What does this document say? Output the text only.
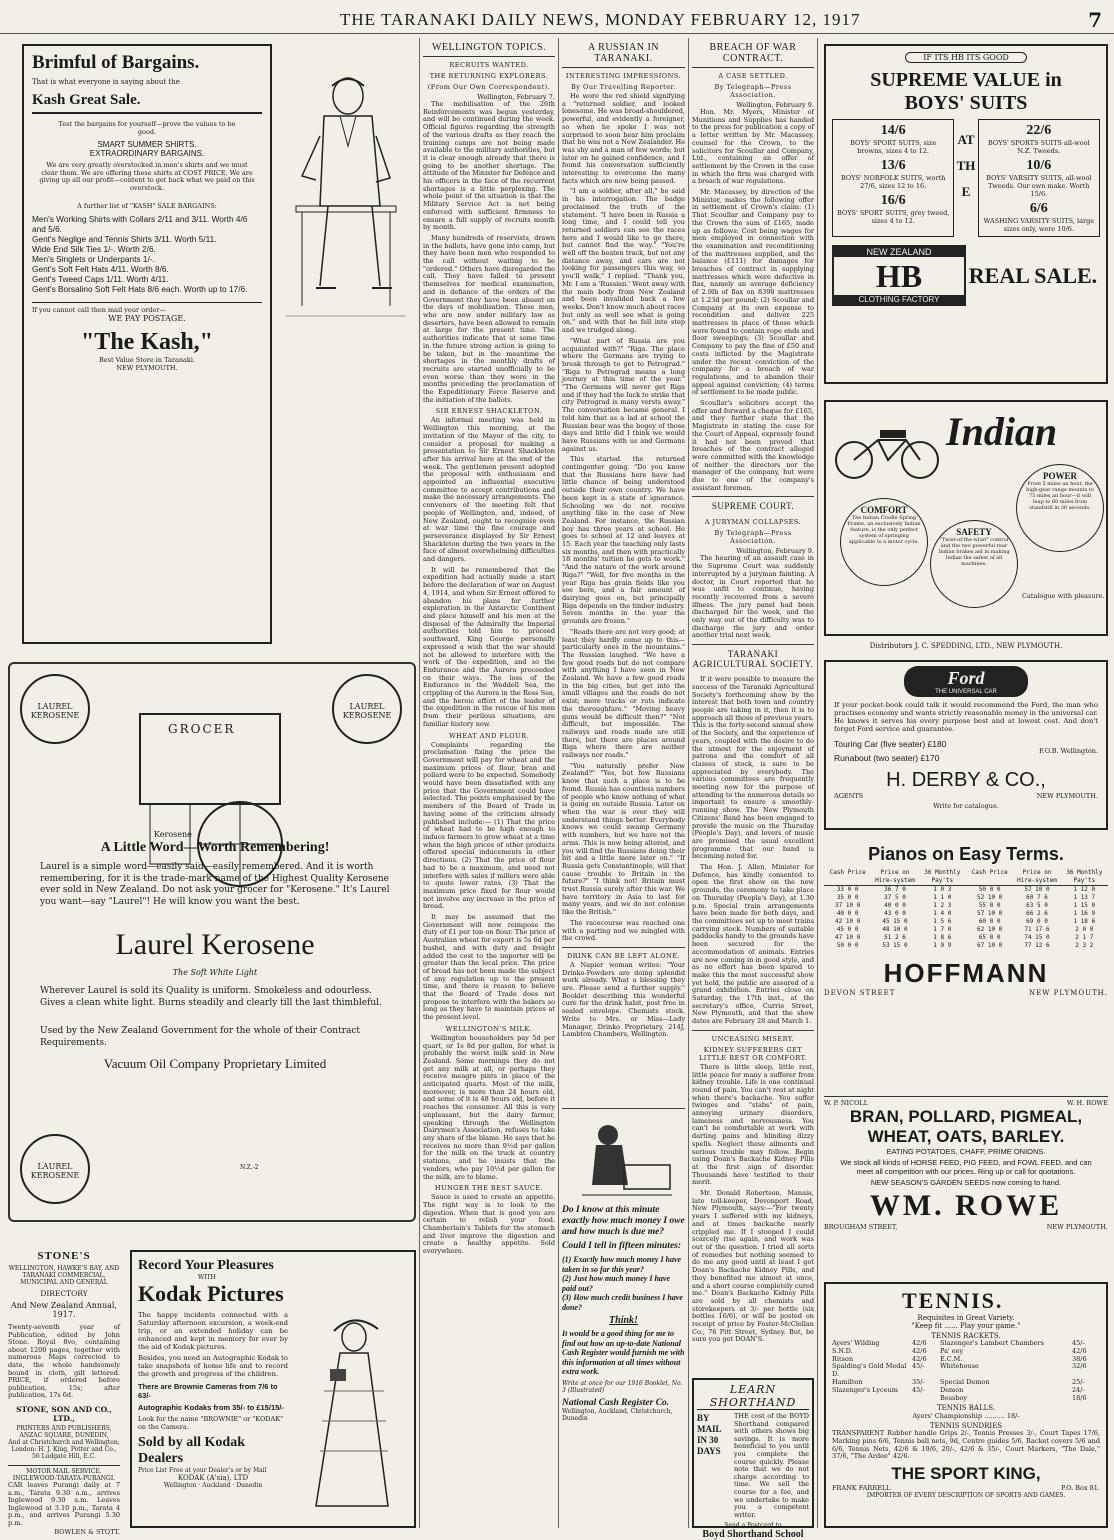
THE TARANAKI DAILY NEWS, MONDAY FEBRUARY 12, 1917	7
Brimful of Bargains.
That is what everyone is saying about the
Kash Great Sale.
Test the bargains for yourself—prove the values to be good.
SMART SUMMER SHIRTS.
EXTRAORDINARY BARGAINS.
We are very greatly overstocked in men's shirts and we must clear them. We are offering these shirts at COST PRICE. We are giving up all our profit—content to get back what we paid on this overstock.
A further list of "KASH" SALE BARGAINS:
Men's Working Shirts with Collars 2/11 and 3/11. Worth 4/6 and 5/6.
Gent's Neglige and Tennis Shirts 3/11. Worth 5/11.
Wide End Silk Ties 1/-. Worth 2/6.
Men's Singlets or Underpants 1/-.
Gent's Soft Felt Hats 4/11. Worth 8/6.
Gent's Tweed Caps 1/11. Worth 4/11.
Gent's Borsalino Soft Felt Hats 8/6 each. Worth up to 17/6.
If you cannot call then mail your order—
WE PAY POSTAGE.
"The Kash,"
Best Value Store in Taranaki.
NEW PLYMOUTH.
LAUREL KEROSENE
LAUREL KEROSENE
GROCER
Kerosene
A Little Word—Worth Remembering!
Laurel is a simple word—easily said—easily remembered. And it is worth remembering, for it is the trade-mark name of the Highest Quality Kerosene ever sold in New Zealand. Do not ask your grocer for "Kerosene." It's Laurel you want—say "Laurel"! He will know you want the best.
Laurel Kerosene
The Soft White Light
Wherever Laurel is sold its Quality is uniform. Smokeless and odourless. Gives a clean white light. Burns steadily and clearly till the last thimbleful.
Used by the New Zealand Government for the whole of their Contract Requirements.
Vacuum Oil Company Proprietary Limited
LAUREL KEROSENE
N.Z.-2
STONE'S
WELLINGTON, HAWKE'S BAY, AND TARANAKI COMMERCIAL, MUNICIPAL AND GENERAL
DIRECTORY
And New Zealand Annual, 1917.
Twenty-seventh year of Publication, edited by John Stone. Royal 8vo, containing about 1200 pages, together with numerous Maps corrected to date, the whole handsomely bound in cloth, gilt lettered. PRICE, if ordered before publication, 15s; after publication, 17s 6d.
STONE, SON AND CO., LTD.,
PRINTERS AND PUBLISHERS, ANZAC SQUARE, DUNEDIN,
And at Christchurch and Wellington; London: H. J. King, Potter and Co., 56 Ludgate Hill, E.C.
MOTOR MAIL SERVICE.
INGLEWOOD-TARATA-PURANGI.
CAR leaves Purangi daily at 7 a.m., Tarata 9.30 a.m., arrives Inglewood 9.30 a.m. Leaves Inglewood at 3.10 p.m., Tarata 4 p.m., and arrives Purangi 5.30 p.m.
BOWLEN & STOTT.
Record Your Pleasures
WITH
Kodak Pictures
The happy incidents connected with a Saturday afternoon excursion, a week-end trip, or an extended holiday can be enhanced and kept in memory for ever by the aid of Kodak pictures.
Besides, you need an Autographic Kodak to take snapshots of home life and to record the growth and progress of the children.
There are Brownie Cameras from 7/6 to 63/-
Autographic Kodaks from 35/- to £15/15/-
Look for the name "BROWNIE" or "KODAK" on the Camera.
Sold by all Kodak Dealers
Price List Free at your Dealer's or by Mail
KODAK (A'sia), LTD
Wellington · Auckland · Dunedin
WELLINGTON TOPICS.
RECRUITS WANTED.
THE RETURNING EXPLORERS.
(From Our Own Correspondent).
Wellington, February 7.

The mobilisation of the 26th Reinforcements was begun yesterday, and will be continued during the week. Official figures regarding the strength of the various drafts as they reach the training camps are not being made available to the military authorities, but it is clear enough already that there is going to be another shortage. The attitude of the Minister for Defence and his officers in the face of the recurrent shortages is a little perplexing. The whole point of the situation is that the Military Service Act is not being enforced with sufficient firmness to ensure a full supply of recruits month by month.

Many hundreds of reservists, drawn in the ballots, have gone into camp, but they have been men who responded to the call without waiting to be "ordered." Others have disregarded the call. They have failed to present themselves for medical examination, and in defiance of the orders of the Government they have been absent on the days of mobilisation. These men, who are now under military law as deserters, have been allowed to remain at large for the present time. The authorities indicate that at some time in the future strong action is going to be taken, but in the meantime the shortages in the monthly drafts of recruits are started unofficially to be even worse than they were in the months preceding the proclamation of the Expeditionary Force Reserve and the initiation of the ballots.

SIR ERNEST SHACKLETON.

An informal meeting was held in Wellington this morning, at the invitation of the Mayor of the city, to consider a proposal for making a presentation to Sir Ernest Shackleton after his arrival here at the end of the week. The gentlemen present adopted the proposal with enthusiasm and appointed an influential executive committee to accept contributions and make the necessary arrangements. The convenors of the meeting felt that people of Wellington, and, indeed, of New Zealand, ought to recognise even at war time the fine courage and perseverance displayed by Sir Ernest Shackleton during the two years in the face of almost overwhelming difficulties and dangers.

It will be remembered that the expedition had actually made a start before the declaration of war on August 4, 1914, and when Sir Ernest offered to abandon his plans for further exploration in the Antarctic Continent and place himself and his men at the disposal of the Admiralty the Imperial authorities told him to proceed southward. King George personally expressed a wish that the war should not be allowed to interfere with the work of the expedition, and so the Endurance and the Aurora proceeded on their ways. The loss of the Endurance in the Weddell Sea, the crippling of the Aurora in the Ross Sea, and the heroic effort of the leader of the expedition in the rescue of his men from their perilous situations, are familiar history now.

WHEAT AND FLOUR.

Complaints regarding the proclamation fixing the price the Government will pay for wheat and the maximum prices of flour, bran and pollard were to be expected. Somebody would have been dissatisfied with any price that the Government could have selected. The points emphasised by the members of the Board of Trade in having some of the criticism already published include:— (1) That the price of wheat had to be high enough to induce farmers to grow wheat at a time when the high prices of other products offered special inducements in other directions. (2) That the price of flour had to be a maximum, and need not interfere with sales if millers were able to quote lower rates. (3) That the maximum price fixed for flour would not involve any increase in the price of bread.

It may be assumed that the Government will now reimpose the duty of £1 per ton on flour. The price of Australian wheat for export is 5s 6d per bushel, and with duty and freight added the cost to the importer will be greater than the local price. The price of bread has not been made the subject of any regulation up to the present time, and there is reason to believe that the Board of Trade does not propose to interfere with the bakers so long as they have to maintain prices at the present level.

WELLINGTON'S MILK.

Wellington householders pay 5d per quart, or 1s 8d per gallon, for what is probably the worst milk sold in New Zealand. Some mornings they do not get any milk at all, or perhaps they receive meagre pints in place of the anticipated quarts. Most of the milk, moreover, is more than 24 hours old, and some of it is 48 hours old, before it reaches the consumer. All this is very unpleasant, but the dairy farmer, speaking through the Wellington Dairymen's Association, refuses to take any share of the blame. He says that he receives no more than 9½d per gallon for the milk on the truck at country stations, and he insists that the vendors, who pay 10½d per gallon for the milk, are to blame.

HUNGER THE BEST SAUCE.

Sauce is used to create an appetite. The right way is to look to the digestion. When that is good you are certain to relish your food. Chamberlain's Tablets for the stomach and liver improve the digestion and create a healthy appetite. Sold everywhere.

A RUSSIAN IN TARANAKI.
INTERESTING IMPRESSIONS.
By Our Travelling Reporter.

He wore the red shield signifying a "returned soldier, and looked lonesome. He was broad-shouldered, powerful, and evidently a foreigner, so when he spoke I was not surprised to soon hear him proclaim that he was not a New Zealander. He was shy and a man of few words; but later on he gained confidence, and I found his conversation sufficiently interesting to overcome the many facts which are now being passed.

"I am a soldier, after all," he said in his interrogation. The badge proclaimed the truth of the statement. "I have been in Russia a long time, and I could tell you returned soldiers can see the races here and I would like to go there, but cannot find the way." "You're well off the beaten track, but not any distance away, and cars are not looking for passengers this way, so you'll walk," I replied. "Thank you, Mr. I am a 'Russian.' Went away with the main body from New Zealand and been invalided back a few weeks. Don't know much about races but only as well see what is going on," and with that he fell into step and we trudged along.

"What part of Russia are you acquainted with?" "Riga. The place where the Germans are trying to break through to get to Petrograd." "Riga to Petrograd means a long journey at this time of the year." "The Germans will never get Riga and if they had the luck to strike that city Petrograd is many versts away." The conversation became general. I told him that as a lad at school the Russian bear was the bogey of those days and little did I think we would have Russians with us and Germans against us.

This started the returned contingenter going. "Do you know that the Russians here have had little chance of being understood outside their own country. We have been kept in a state of ignorance. Schooling we do not receive anything like in the case of New Zealand. For instance, the Russian boy has three years at school. He goes to school at 12 and leaves at 15. Each year the teaching only lasts six months, and then with practically 18 months' tuition he gets to work." "And the nature of the work around Riga?" "Well, for five months in the year Riga has grain fields like you see here, and a fair amount of dairying goes on, but principally Riga depends on the timber industry. Seven months in the year the grounds are frozen."

"Roads there are not very good; at least they hardly come up to this—particularly ones in the mountains." The Russian laughed. "We have a few good roads but do not compare with anything I have seen in New Zealand. We have a few good roads in the big cities, but get into the small villages and the roads do not exist; mere tracks or ruts indicate the thoroughfare." "Moving heavy guns would be difficult then?" "Not difficult, but impossible. The railways and roads made are still there, but there are places around Riga where there are neither railways nor roads."

"You naturally prefer New Zealand?" "Yes, but few Russians know that such a place is to be found. Russia has countless numbers of people who know nothing of what is going on outside Russia. Later on when the war is over they will understand things better. Everybody knows we could swamp Germany with numbers, but we have not the arms. This is now being altered, and you will find the Russians doing their bit and a little more later on." "If Russia gets Constantinople, will that cause trouble to Britain in the future?" "I think not! Britain must trust Russia surely after this war. We have territory in Asia to last for many years, and we do not colonise like the British."

The racecourse was reached one with a parting nod we mingled with the crowd.

DRINK CAN BE LEFT ALONE.

A Napier woman writes: "Your Drinko-Powders are doing splendid work already. What a blessing they are. Please send a further supply." Booklet describing this wonderful cure for the drink habit, post free in sealed envelope. Chemists stock. Write to Mrs. or Miss—Lady Manager, Drinko Proprietary, 214J, Lambton Chambers, Wellington.

Do I know at this minute exactly how much money I owe and how much is due me?
Could I tell in fifteen minutes:
(1) Exactly how much money I have taken in so far this year?
(2) Just how much money I have paid out?
(3) How much credit business I have done?
Think!
It would be a good thing for me to find out how an up-to-date National Cash Register would furnish me with this information at all times without extra work.
Write at once for our 1916 Booklet, No. 3 (Illustrated)
National Cash Register Co.
Wellington, Auckland, Christchurch, Dunedin
BREACH OF WAR CONTRACT.
A CASE SETTLED.
By Telegraph—Press Association.
Wellington, February 9.

Hon. Mr. Myers, Minister of Munitions and Supplies has handed to the press for publication a copy of a letter written by Mr. Macassey, counsel for the Crown, to the solicitors for Scoullar and Company, Ltd., containing an offer of settlement by the Crown in the case in which the firm was charged with a breach of war regulations.

Mr. Macassey, by direction of the Minister, makes the following offer in settlement of Crown's claim: (1) That Scoullar and Company pay to the Crown the sum of £165, made up as follows: Cost being wages for men employed in connection with the examination and reconditioning of the mattresses supplied, and the balance (£111) for damages for breaches of contract in supplying mattresses which were defective in flax, namely an average deficiency of 2.9lb of flax on 8398 mattresses at 1.23d per pound; (2) Scoullar and Company at its own expense to recondition and deliver 225 mattresses in place of those which were found to contain rope ends and floor sweepings; (3) Scoullar and Company to pay the fine of £50 and costs inflicted by the Magistrate under the recent conviction of the company for a breach of war regulations, and to abandon their appeal against conviction; (4) terms of settlement to be made public.

Scoullar's solicitors accept the offer and forward a cheque for £165, and they further state that the Magistrate in stating the case for the Court of Appeal, expressly found it had not been proved that breaches of the contract alleged were committed with the knowledge of neither the directors nor the manager of the company, but were due to one of the company's assistant foremen.

SUPREME COURT.
A JURYMAN COLLAPSES.
By Telegraph—Press Association.
Wellington, February 9.

The hearing of an assault case in the Supreme Court was suddenly interrupted by a juryman fainting. A doctor, in Court reported that he was unfit to continue, having recently recovered from a severe illness. The jury panel had been discharged for the week, and the only way out of the difficulty was to discharge the jury and order another trial next week.

TARANAKI AGRICULTURAL SOCIETY.

If it were possible to measure the success of the Taranaki Agricultural Society's forthcoming show by the interest that both town and country people are taking in it, then it is to approach all those of previous years. This is the forty-second annual show of the Society, and the experience of years, coupled with the desire to do the utmost for the enjoyment of patrons and the comfort of all classes of stock, is sure to be appreciated by everybody. The various committees are frequently meeting now for the purpose of attending to the numerous details so important to ensure a smoothly-running show. The New Plymouth Citizens' Band has been engaged to provide the music on the Thursday (People's Day), and lovers of music are promised the usual excellent programme that our band is becoming noted for.

The Hon. J. Allen, Minister for Defence, has kindly consented to open the first show on the new grounds, the ceremony to take place on Thursday (People's Day), at 1.30 p.m. Special train arrangements have been made for both days, and the committees set up to meet trains carrying stock. Numbers of suitable paddocks handy to the grounds have been secured for the accommodation of animals. Entries are now coming in in good style, and as no effort has been spared to make this the most successful show yet held, the public are assured of a grand exhibition. Entries close on Saturday, the 17th inst., at the secretary's office, Currie Street, New Plymouth, and that the show dates are February 28 and March 1.

UNCEASING MISERY.
KIDNEY SUFFERERS GET LITTLE REST OR COMFORT.

There is little sleep, little rest, little peace for many a sufferer from kidney trouble. Life is one continual round of pain. You can't rest at night when there's backache. You suffer twinges and "stabs" of pain, annoying urinary disorders, lameness and nervousness. You can't be comfortable at work with darting pains and blinding dizzy spells. Neglect these ailments and serious trouble may follow. Begin using Doan's Backache Kidney Pills at the first sign of disorder. Thousands have testified to their merit.

Mr. Donald Robertson, Manaia, late toll-keeper, Devonport Road, New Plymouth, says:—"For twenty years I suffered with my kidneys, and at times backache nearly crippled me. If I stooped I could scarcely rise again, and work was out of the question. I tried all sorts of remedies but nothing seemed to do me any good until at least I got Doan's Backache Kidney Pills, and they benefited me almost at once, and a short course completely cured me." Doan's Backache Kidney Pills are sold by all chemists and storekeepers at 3/- per bottle (six bottles 16/6), or will be posted on receipt of price by Foster-McClellan Co., 76 Pitt Street, Sydney. But, be sure you get DOAN'S.

LEARN SHORTHAND
BY MAIL IN 30 DAYS
THE cost of the BOYD Shorthand compared with others shows big savings. It is more beneficial to you until you complete the course quickly. Please note that we do not charge according to time. We sell the course for a fee, and we undertake to make you a competent writer.
Send a Postcard to
Boyd Shorthand School
IF ITS HB ITS GOOD
SUPREME VALUE in
BOYS' SUITS
14/6
BOYS' SPORT SUITS, size browns, sizes 4 to 12.
13/6
BOYS' NORFOLK SUITS, worth 27/6, sizes 12 to 16.
16/6
BOYS' SPORT SUITS, grey tweed, sizes 4 to 12.
AT THE
22/6
BOYS' SPORTS SUITS all-wool N.Z. Tweeds.
10/6
BOYS' VARSITY SUITS, all-wool Tweeds. Our own make. Worth 15/6.
6/6
WASHING VARSITY SUITS, large sizes only, were 10/6.
NEW ZEALAND
HB
CLOTHING FACTORY
REAL SALE.
Indian
POWER
From 5 miles an hour, the high-gear range mounts to 75 miles an hour—it will leap to 60 miles from standstill in 30 seconds.
COMFORT
The Indian Cradle Spring Frame, an exclusively Indian feature, is the only perfect system of springing applicable to a motor cycle.
SAFETY
"Twist-of-the-wrist" control and the two powerful rear Indian brakes aid in making Indian the safest of all machines.
Catalogue with pleasure.
Distributors J. C. SPEDDING, LTD., NEW PLYMOUTH.
Ford
THE UNIVERSAL CAR
If your pocket-book could talk it would recommend the Ford, the man who practises economy and wants strictly reasonable money in the universal car. He knows it serves his every purpose best and at lowest cost. And don't forget Ford service and guarantee.
Touring Car (five seater) £180
Runabout (two seater) £170
F.O.B. Wellington.
H. DERBY & CO.,
AGENTS	NEW PLYMOUTH.
Write for catalogue.
Pianos on Easy Terms.
Cash Price	Price on Hire-system
36 Monthly Pay'ts
Cash Price	Price on Hire-system
36 Monthly Pay'ts
33 0 0	36 7 0	1 0 3	50 0 0	57 10 0	1 12 0
35 0 0	37 5 0	1 1 0	52 10 0	60 7 6	1 13 7
37 10 0	40 0 0	1 2 3	55 0 0	63 5 0	1 15 0
40 0 0	43 0 0	1 4 0	57 10 0	66 2 6	1 16 9
42 10 0	45 15 0	1 5 6	60 0 0	69 0 0	1 18 6
45 0 0	48 10 0	1 7 0	62 10 0	71 17 6	2 0 0
47 10 0	51 2 6	1 8 6	65 0 0	74 15 0	2 1 7
50 0 0	53 15 0	1 9 9	67 10 0	77 12 6	2 3 2
HOFFMANN
DEVON STREET	NEW PLYMOUTH.
W. P. NICOLL	W. H. ROWE
BRAN, POLLARD, PIGMEAL,
WHEAT, OATS, BARLEY.
EATING POTATOES, CHAFF, PRIME ONIONS.
We stock all kinds of HORSE FEED, PIG FEED, and FOWL FEED, and can meet all competition with our prices. Ring up or call for quotations.
NEW SEASON'S GARDEN SEEDS now coming to hand.
WM. ROWE
BROUGHAM STREET,	NEW PLYMOUTH.
TENNIS.
Requisites in Great Variety.
"Keep fit ...... Play your game."
TENNIS RACKETS.
Ayers' Wilding	42/6	Slazenger's Lambert Chambers	45/-
S.N.D.	42/6	Pa' eey	42/6
Ritson	42/6	E.C.M.	38/6
Spalding's Gold Medal D.
45/-	Whitehouse	32/6
Hamilton	35/-	Special Demon	25/-
Slazenger's Lyceum	45/-	Demon	24/-
Bossboy	18/6
TENNIS BALLS.
Ayers' Championship .......... 18/-
TENNIS SUNDRIES
TRANSPARENT Rubber handle Grips 2/-, Tennis Presses 3/-, Court Tapes 17/6, Marking pins 6/6, Tennis ball nets, 9d, Centre guides 5/6, Racket covers 5/6 and 6/6, Tennis Nets, 42/6 & 19/6, 20/-, 42/6 & 35/-, Court Markers, "The Dale," 37/6, "The Ardee" 42/6.
THE SPORT KING,
FRANK FARRELL	P.O. Box 81.
IMPORTER OF EVERY DESCRIPTION OF SPORTS AND GAMES.
